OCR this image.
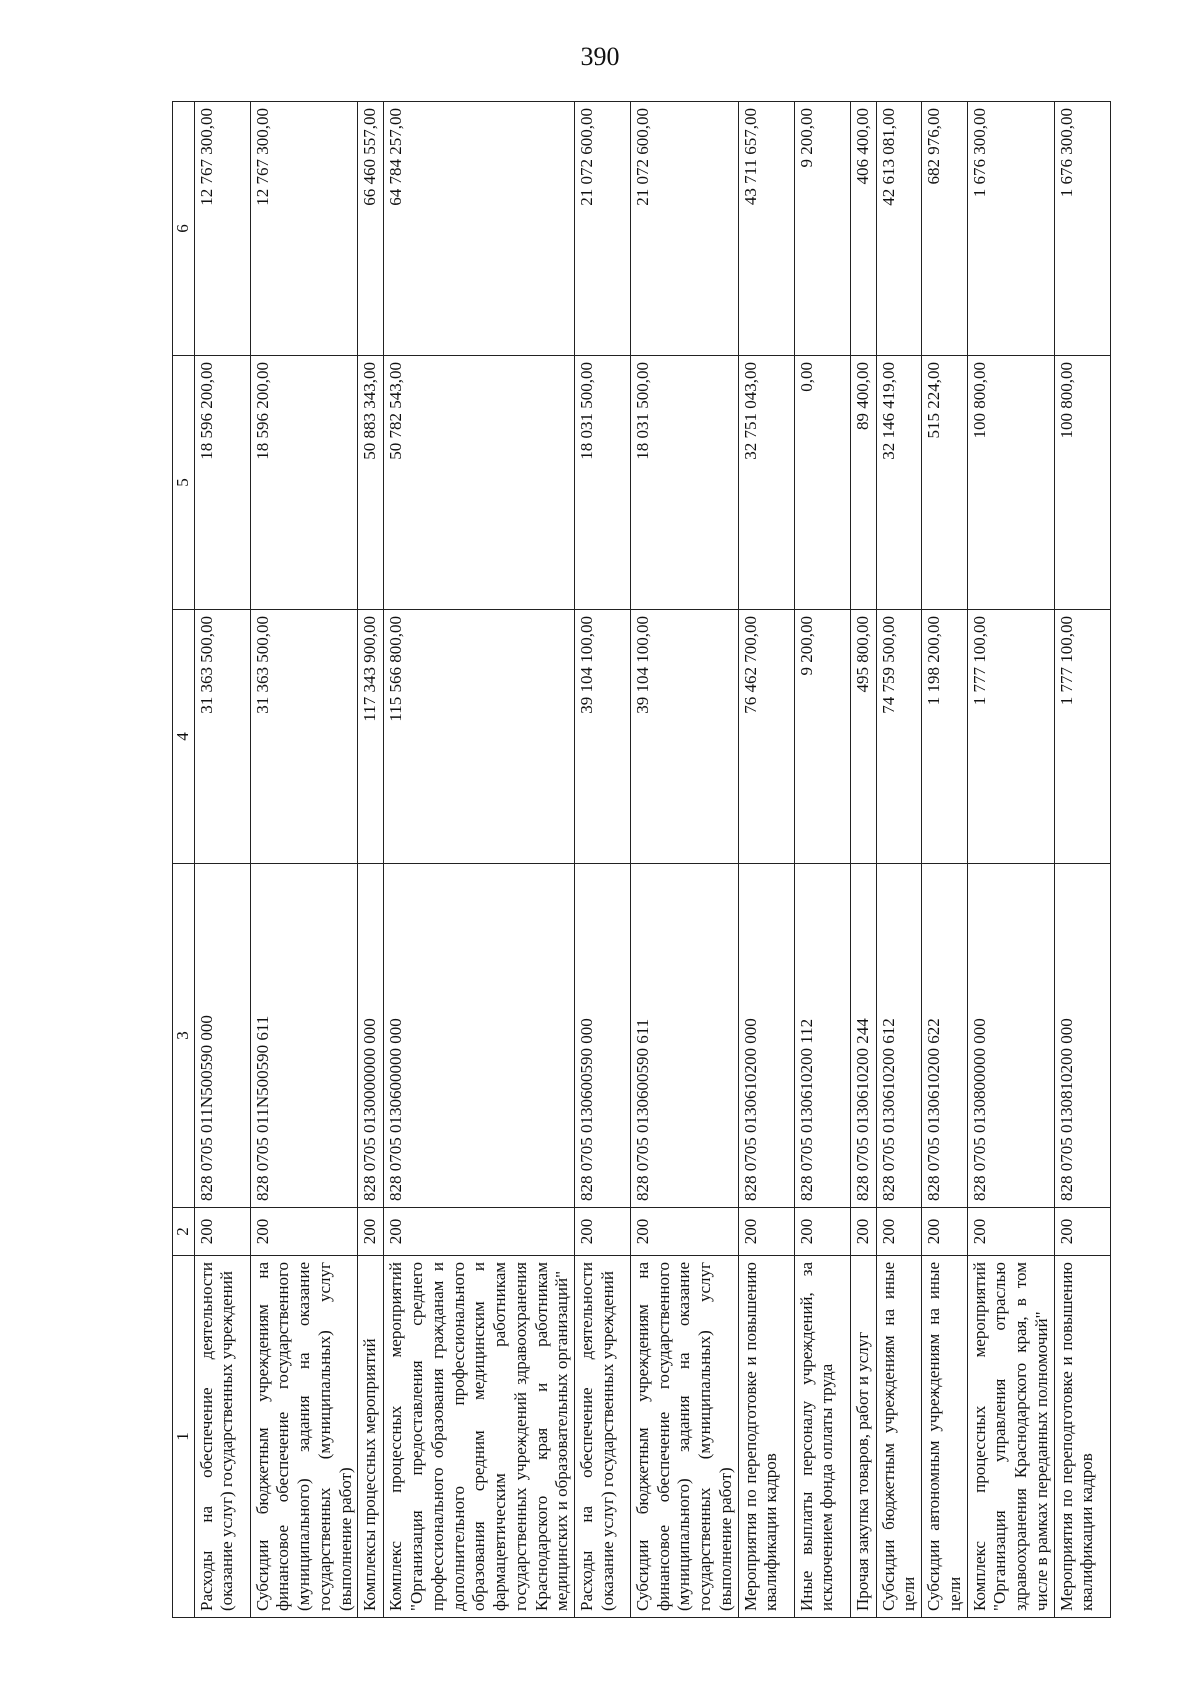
390
1	2	3	4	5	6
Расходы на обеспечение деятельности (оказание услуг) государственных учреждений	200	828 0705 011N500590 000	31 363 500,00	18 596 200,00	12 767 300,00
Субсидии бюджетным учреждениям на финансовое обеспечение государственного (муниципального) задания на оказание государственных (муниципальных) услуг (выполнение работ)	200	828 0705 011N500590 611	31 363 500,00	18 596 200,00	12 767 300,00
Комплексы процессных мероприятий	200	828 0705 0130000000 000	117 343 900,00	50 883 343,00	66 460 557,00
Комплекс процессных мероприятий "Организация предоставления среднего профессионального образования гражданам и дополнительного профессионального образования средним медицинским и фармацевтическим работникам государственных учреждений здравоохранения Краснодарского края и работникам медицинских и образовательных организаций"	200	828 0705 0130600000 000	115 566 800,00	50 782 543,00	64 784 257,00
Расходы на обеспечение деятельности (оказание услуг) государственных учреждений	200	828 0705 0130600590 000	39 104 100,00	18 031 500,00	21 072 600,00
Субсидии бюджетным учреждениям на финансовое обеспечение государственного (муниципального) задания на оказание государственных (муниципальных) услуг (выполнение работ)	200	828 0705 0130600590 611	39 104 100,00	18 031 500,00	21 072 600,00
Мероприятия по переподготовке и повышению квалификации кадров	200	828 0705 0130610200 000	76 462 700,00	32 751 043,00	43 711 657,00
Иные выплаты персоналу учреждений, за исключением фонда оплаты труда	200	828 0705 0130610200 112	9 200,00	0,00	9 200,00
Прочая закупка товаров, работ и услуг	200	828 0705 0130610200 244	495 800,00	89 400,00	406 400,00
Субсидии бюджетным учреждениям на иные цели	200	828 0705 0130610200 612	74 759 500,00	32 146 419,00	42 613 081,00
Субсидии автономным учреждениям на иные цели	200	828 0705 0130610200 622	1 198 200,00	515 224,00	682 976,00
Комплекс процессных мероприятий "Организация управления отраслью здравоохранения Краснодарского края, в том числе в рамках переданных полномочий"	200	828 0705 0130800000 000	1 777 100,00	100 800,00	1 676 300,00
Мероприятия по переподготовке и повышению квалификации кадров	200	828 0705 0130810200 000	1 777 100,00	100 800,00	1 676 300,00
